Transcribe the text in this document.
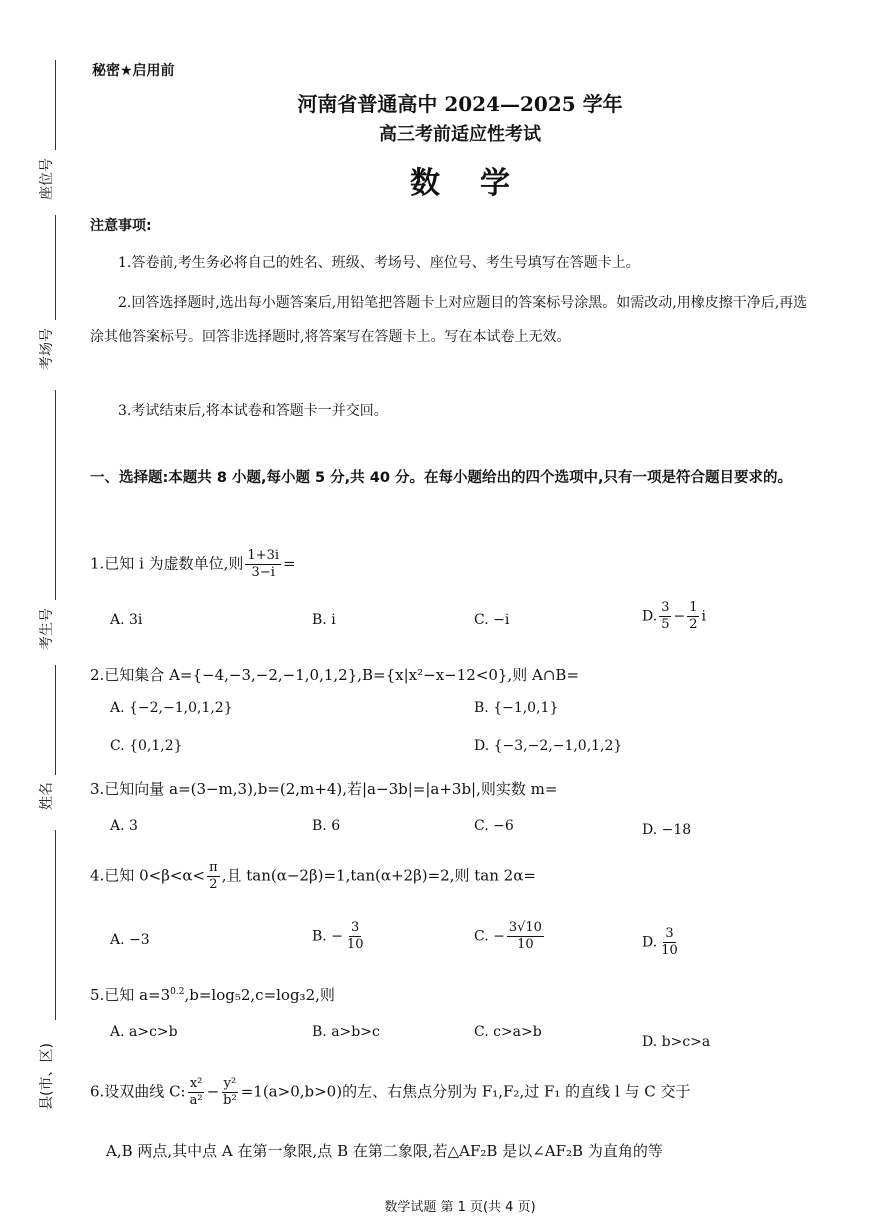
座位号
考场号
考生号
姓名
县(市、区)
秘密★启用前
河南省普通高中 2024—2025 学年
高三考前适应性考试
数学
注意事项:
1.答卷前,考生务必将自己的姓名、班级、考场号、座位号、考生号填写在答题卡上。
2.回答选择题时,选出每小题答案后,用铅笔把答题卡上对应题目的答案标号涂黑。如需改动,用橡皮擦干净后,再选涂其他答案标号。回答非选择题时,将答案写在答题卡上。写在本试卷上无效。
3.考试结束后,将本试卷和答题卡一并交回。
一、选择题:本题共 8 小题,每小题 5 分,共 40 分。在每小题给出的四个选项中,只有一项是符合题目要求的。
1.已知 i 为虚数单位,则 $\frac{1+3i}{3-i}$ =
A. 3i	B. i	C. −i	D. $\frac{3}{5} - \frac{1}{2}$ i
2.已知集合 A={−4,−3,−2,−1,0,1,2},B={x|x²−x−12<0},则 A∩B=
A. {−2,−1,0,1,2}	B. {−1,0,1}
C. {0,1,2}	D. {−3,−2,−1,0,1,2}
3.已知向量 a=(3−m,3),b=(2,m+4),若|a−3b|=|a+3b|,则实数 m=
A. 3	B. 6	C. −6	D. −18
4.已知 $0<\beta<\alpha< \frac{\pi}{2}$ ,且 tan(α−2β)=1,tan(α+2β)=2,则 tan 2α=
A. −3	B. − $\frac{3}{10}$	C. − $\frac{3√10}{10}$	D. $\frac{3}{10}$
5.已知 $a=3^{0.2},b=\log_52,c=\log_32$,则
A. a>c>b	B. a>b>c	C. c>a>b
D. b>c>a
6.设双曲线 C: $\frac{\text{x²}}{\text{a²}} - \frac{\text{y²}}{\text{b²}} =1(a>0,b>0)$的左、右焦点分别为 F₁,F₂,过 F₁ 的直线 l 与 C 交于
A,B 两点,其中点 A 在第一象限,点 B 在第二象限,若△AF₂B 是以∠AF₂B 为直角的等
数学试题 第 1 页(共 4 页)
